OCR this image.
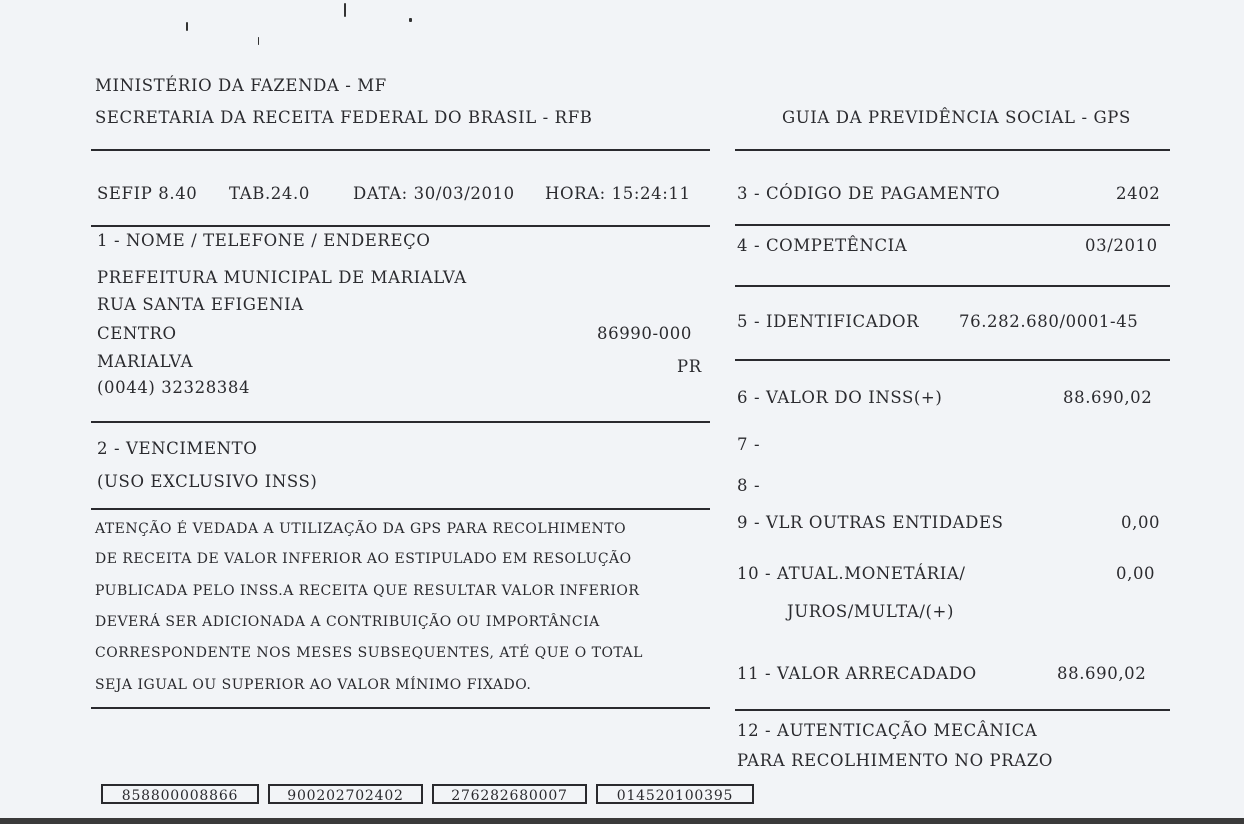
MINISTÉRIO DA FAZENDA - MF
SECRETARIA DA RECEITA FEDERAL DO BRASIL - RFB	GUIA DA PREVIDÊNCIA SOCIAL - GPS
SEFIP 8.40 TAB.24.0	DATA: 30/03/2010 HORA: 15:24:11
1 - NOME / TELEFONE / ENDEREÇO
PREFEITURA MUNICIPAL DE MARIALVA
RUA SANTA EFIGENIA
CENTRO	86990-000
MARIALVA	PR
(0044) 32328384
2 - VENCIMENTO
(USO EXCLUSIVO INSS)
ATENÇÃO É VEDADA A UTILIZAÇÃO DA GPS PARA RECOLHIMENTO
DE RECEITA DE VALOR INFERIOR AO ESTIPULADO EM RESOLUÇÃO
PUBLICADA PELO INSS.A RECEITA QUE RESULTAR VALOR INFERIOR
DEVERÁ SER ADICIONADA A CONTRIBUIÇÃO OU IMPORTÂNCIA
CORRESPONDENTE NOS MESES SUBSEQUENTES, ATÉ QUE O TOTAL
SEJA IGUAL OU SUPERIOR AO VALOR MÍNIMO FIXADO.
3 - CÓDIGO DE PAGAMENTO	2402
4 - COMPETÊNCIA	03/2010
5 - IDENTIFICADOR 76.282.680/0001-45
6 - VALOR DO INSS(+)	88.690,02
7 -
8 -
9 - VLR OUTRAS ENTIDADES	0,00
10 - ATUAL.MONETÁRIA/	0,00
JUROS/MULTA/(+)
11 - VALOR ARRECADADO	88.690,02
12 - AUTENTICAÇÃO MECÂNICA
PARA RECOLHIMENTO NO PRAZO
858800008866	900202702402	276282680007	014520100395
